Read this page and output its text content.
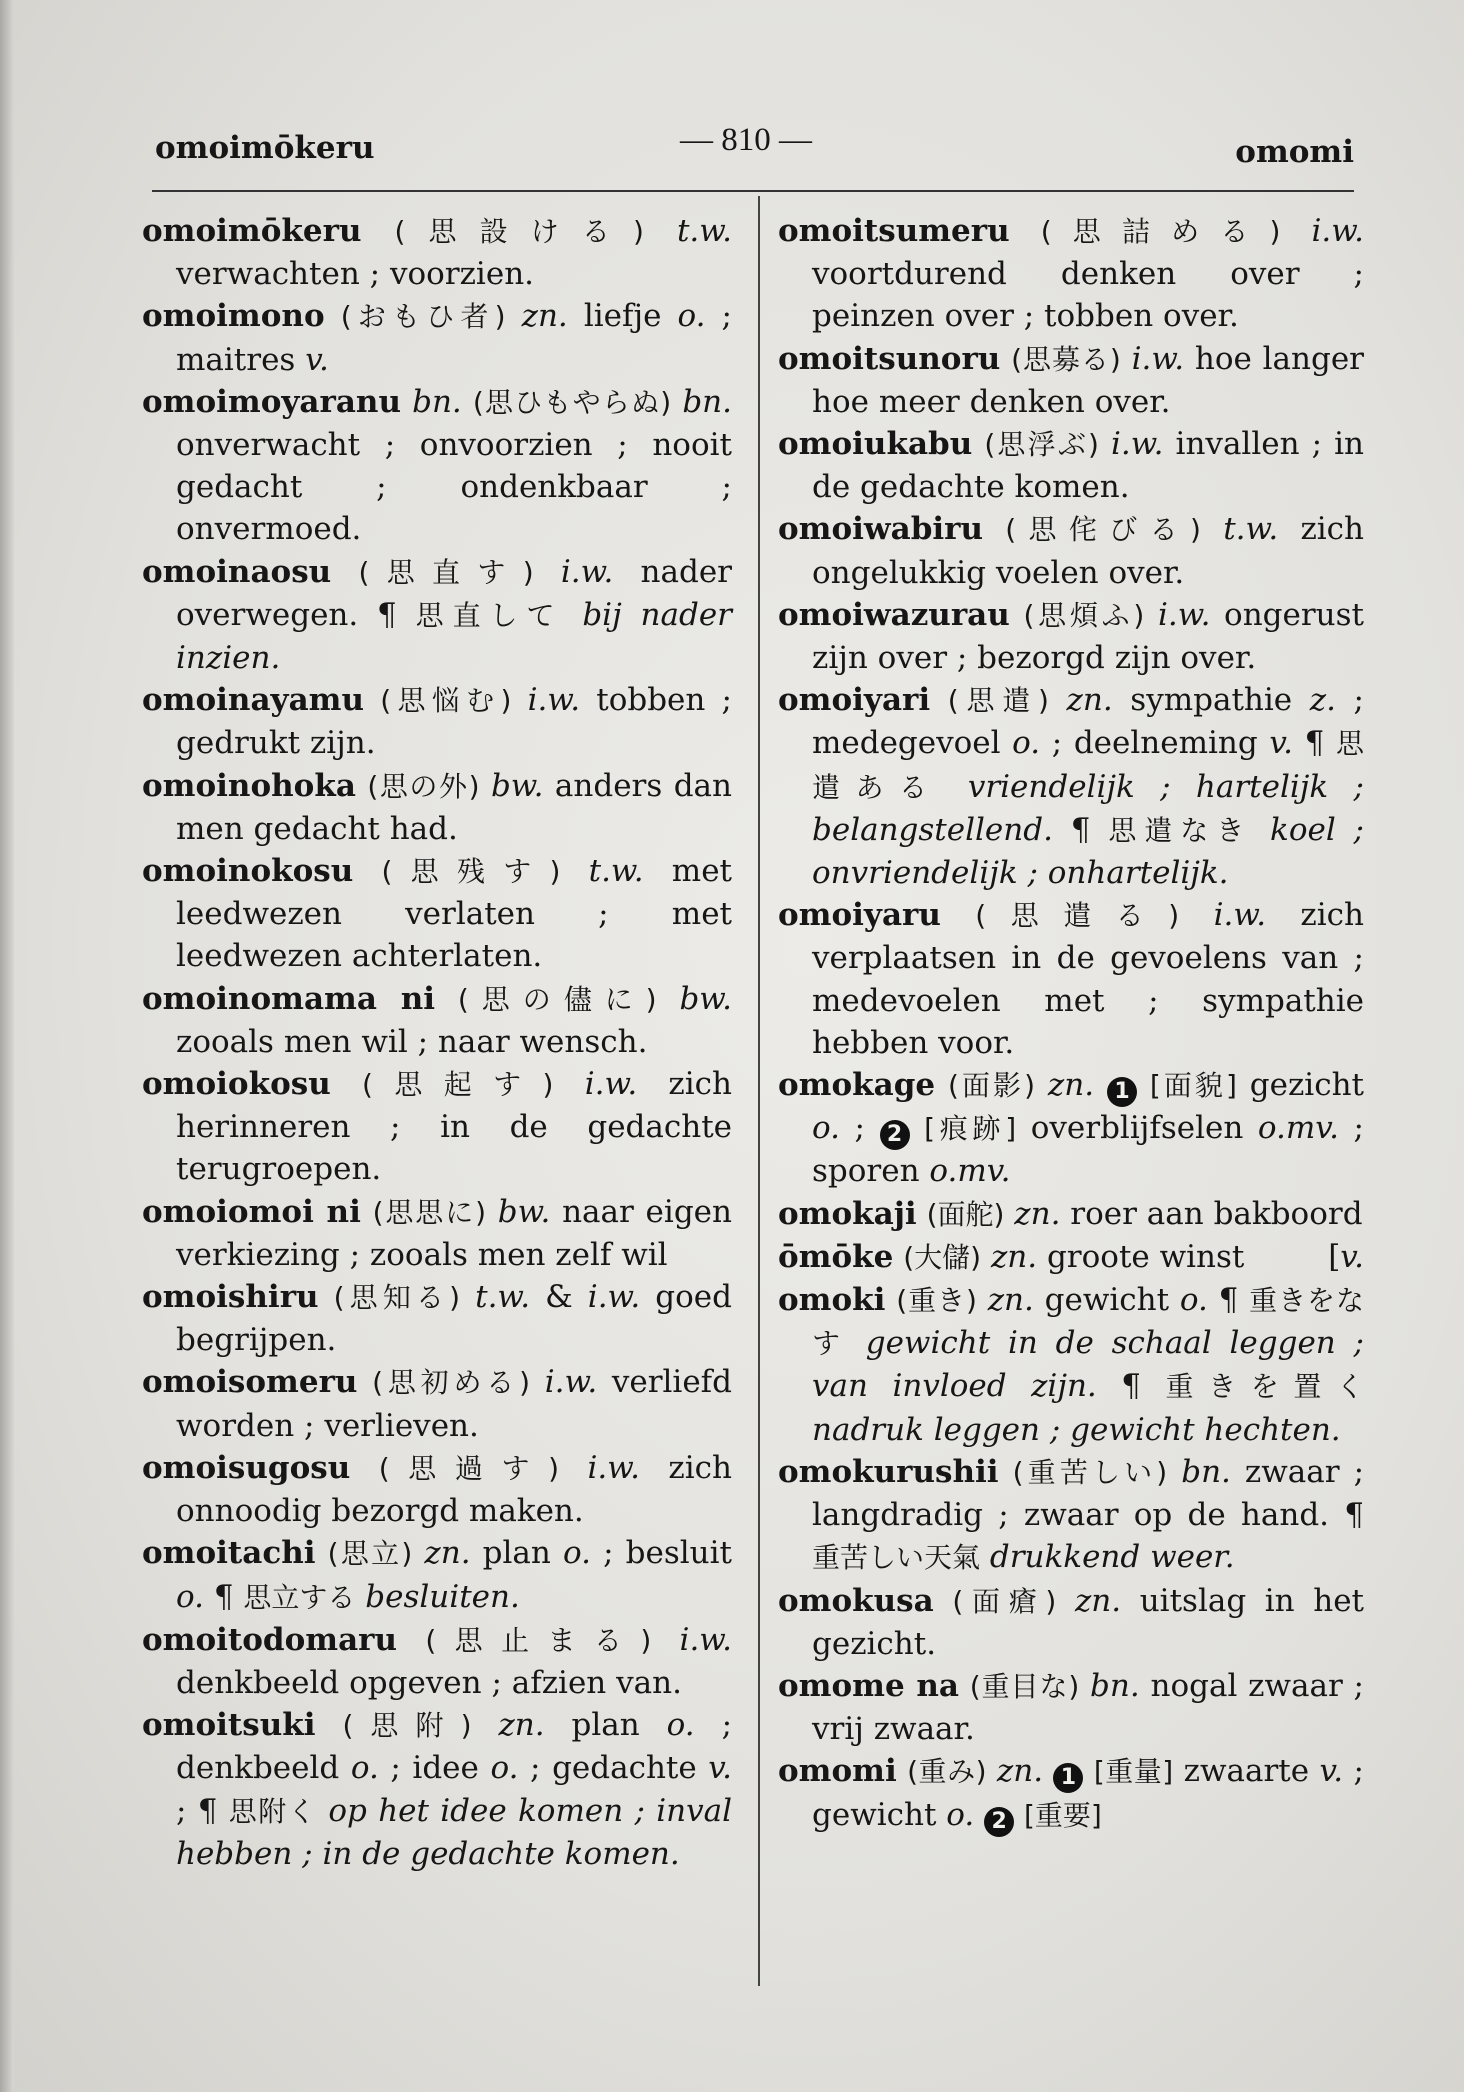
omoimōkeru	— 810 —	omomi
omoimōkeru (思設ける) t.w. verwachten ; voorzien.
omoimono (おもひ者) zn. liefje o. ; maitres v.
omoimoyaranu bn. (思ひもやらぬ) bn. onverwacht ; onvoorzien ; nooit gedacht ; ondenkbaar ; onvermoed.
omoinaosu (思直す) i.w. nader overwegen. ¶ 思直して bij nader inzien.
omoinayamu (思悩む) i.w. tobben ; gedrukt zijn.
omoinohoka (思の外) bw. anders dan men gedacht had.
omoinokosu (思残す) t.w. met leedwezen verlaten ; met leedwezen achterlaten.
omoinomama ni (思の儘に) bw. zooals men wil ; naar wensch.
omoiokosu (思起す) i.w. zich herinneren ; in de gedachte terugroepen.
omoiomoi ni (思思に) bw. naar eigen verkiezing ; zooals men zelf wil
omoishiru (思知る) t.w. & i.w. goed begrijpen.
omoisomeru (思初める) i.w. verliefd worden ; verlieven.
omoisugosu (思過す) i.w. zich onnoodig bezorgd maken.
omoitachi (思立) zn. plan o. ; besluit o. ¶ 思立する besluiten.
omoitodomaru (思止まる) i.w. denkbeeld opgeven ; afzien van.
omoitsuki (思附) zn. plan o. ; denkbeeld o. ; idee o. ; gedachte v. ; ¶ 思附く op het idee komen ; inval hebben ; in de gedachte komen.
omoitsumeru (思詰める) i.w. voortdurend denken over ; peinzen over ; tobben over.
omoitsunoru (思募る) i.w. hoe langer hoe meer denken over.
omoiukabu (思浮ぶ) i.w. invallen ; in de gedachte komen.
omoiwabiru (思侘びる) t.w. zich ongelukkig voelen over.
omoiwazurau (思煩ふ) i.w. ongerust zijn over ; bezorgd zijn over.
omoiyari (思遣) zn. sympathie z. ; medegevoel o. ; deelneming v. ¶ 思遣ある vriendelijk ; hartelijk ; belangstellend. ¶ 思遣なき koel ; onvriendelijk ; onhartelijk.
omoiyaru (思遣る) i.w. zich verplaatsen in de gevoelens van ; medevoelen met ; sympathie hebben voor.
omokage (面影) zn. 1 [面貌] gezicht o. ; 2 [痕跡] overblijfselen o.mv. ; sporen o.mv.
omokaji (面舵) zn. roer aan bakboord
[v.
ōmōke (大儲) zn. groote winst
omoki (重き) zn. gewicht o. ¶ 重きをなす gewicht in de schaal leggen ; van invloed zijn. ¶ 重きを置く nadruk leggen ; gewicht hechten.
omokurushii (重苦しい) bn. zwaar ; langdradig ; zwaar op de hand. ¶ 重苦しい天氣 drukkend weer.
omokusa (面瘡) zn. uitslag in het gezicht.
omome na (重目な) bn. nogal zwaar ; vrij zwaar.
omomi (重み) zn. 1 [重量] zwaarte v. ; gewicht o. 2 [重要]
